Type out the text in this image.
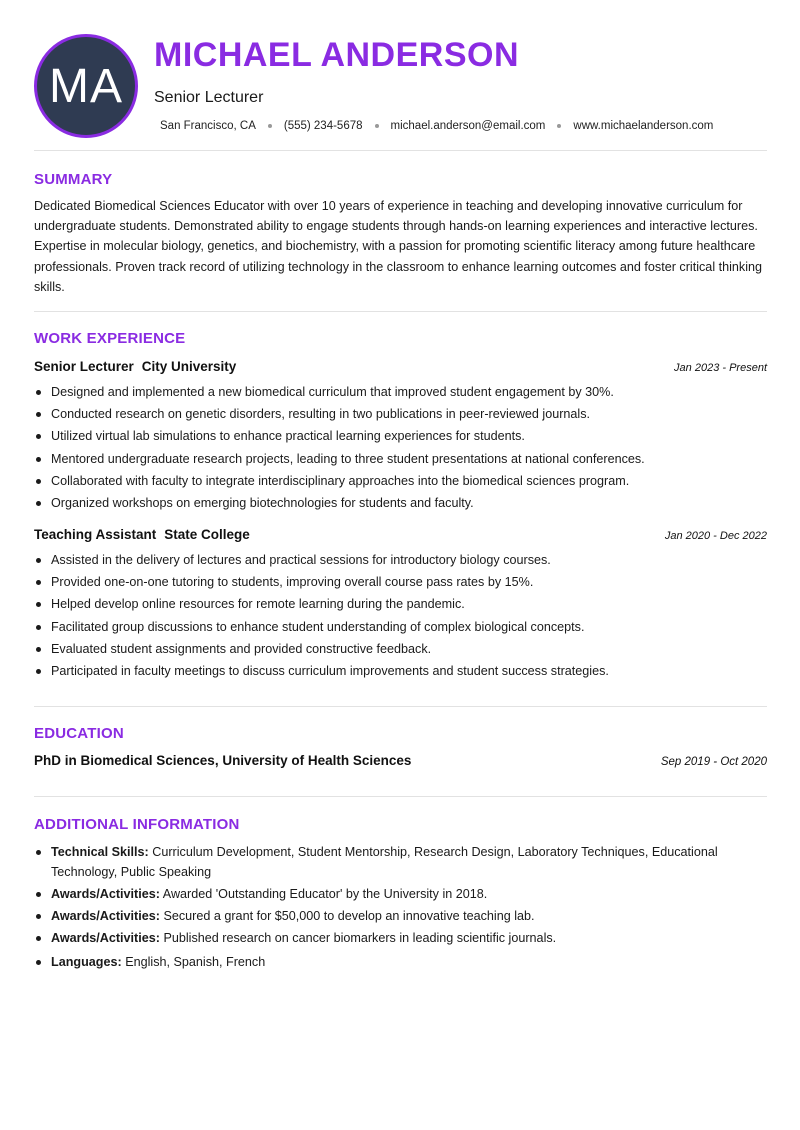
MA
MICHAEL ANDERSON
Senior Lecturer
San Francisco, CA (555) 234-5678 michael.anderson@email.com www.michaelanderson.com
SUMMARY
Dedicated Biomedical Sciences Educator with over 10 years of experience in teaching and developing innovative curriculum for undergraduate students. Demonstrated ability to engage students through hands-on learning experiences and interactive lectures. Expertise in molecular biology, genetics, and biochemistry, with a passion for promoting scientific literacy among future healthcare professionals. Proven track record of utilizing technology in the classroom to enhance learning outcomes and foster critical thinking skills.
WORK EXPERIENCE
Senior Lecturer City University	Jan 2023 - Present
Designed and implemented a new biomedical curriculum that improved student engagement by 30%.
Conducted research on genetic disorders, resulting in two publications in peer-reviewed journals.
Utilized virtual lab simulations to enhance practical learning experiences for students.
Mentored undergraduate research projects, leading to three student presentations at national conferences.
Collaborated with faculty to integrate interdisciplinary approaches into the biomedical sciences program.
Organized workshops on emerging biotechnologies for students and faculty.
Teaching Assistant State College	Jan 2020 - Dec 2022
Assisted in the delivery of lectures and practical sessions for introductory biology courses.
Provided one-on-one tutoring to students, improving overall course pass rates by 15%.
Helped develop online resources for remote learning during the pandemic.
Facilitated group discussions to enhance student understanding of complex biological concepts.
Evaluated student assignments and provided constructive feedback.
Participated in faculty meetings to discuss curriculum improvements and student success strategies.
EDUCATION
PhD in Biomedical Sciences, University of Health Sciences	Sep 2019 - Oct 2020
ADDITIONAL INFORMATION
Technical Skills: Curriculum Development, Student Mentorship, Research Design, Laboratory Techniques, Educational Technology, Public Speaking
Awards/Activities: Awarded 'Outstanding Educator' by the University in 2018.
Awards/Activities: Secured a grant for $50,000 to develop an innovative teaching lab.
Awards/Activities: Published research on cancer biomarkers in leading scientific journals.
Languages: English, Spanish, French
